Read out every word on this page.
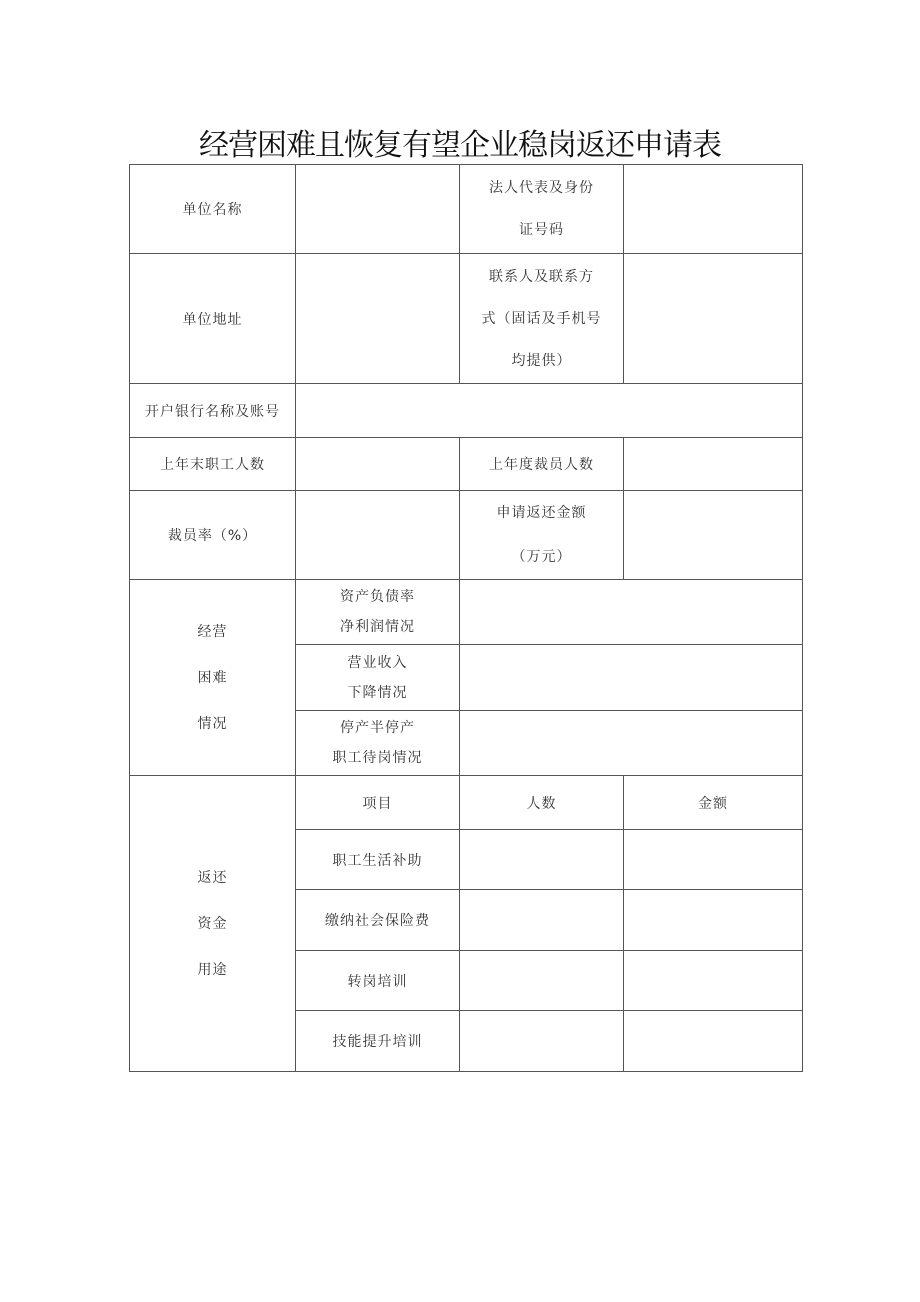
经营困难且恢复有望企业稳岗返还申请表
单位名称		法人代表及身份
证号码	

单位地址		联系人及联系方
式（固话及手机号
均提供）	

开户银行名称及账号			
上年末职工人数		上年度裁员人数	
裁员率（%）		申请返还金额
（万元）	

经营
困难
情况	资产负债率
净利润情况		

	营业收入
下降情况		

	停产半停产
职工待岗情况		

返还
资金
用途	项目	人数	金额
	职工生活补助		
	缴纳社会保险费		
	转岗培训		
	技能提升培训		
